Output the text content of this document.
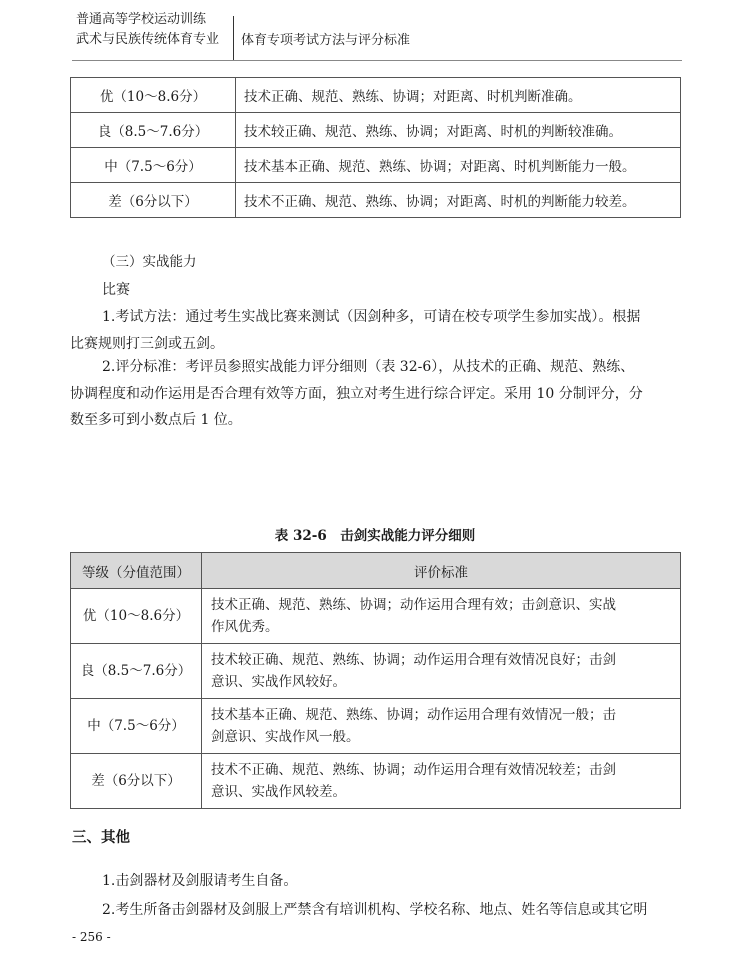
普通高等学校运动训练
武术与民族传统体育专业	体育专项考试方法与评分标准
优（10～8.6分）	技术正确、规范、熟练、协调；对距离、时机判断准确。
良（8.5～7.6分）	技术较正确、规范、熟练、协调；对距离、时机的判断较准确。
中（7.5～6分）	技术基本正确、规范、熟练、协调；对距离、时机判断能力一般。
差（6分以下）	技术不正确、规范、熟练、协调；对距离、时机的判断能力较差。
（三）实战能力
比赛
1.考试方法：通过考生实战比赛来测试（因剑种多，可请在校专项学生参加实战）。根据
比赛规则打三剑或五剑。
2.评分标准：考评员参照实战能力评分细则（表 32-6），从技术的正确、规范、熟练、
协调程度和动作运用是否合理有效等方面，独立对考生进行综合评定。采用 10 分制评分，分
数至多可到小数点后 1 位。
表 32-6　击剑实战能力评分细则
等级（分值范围）	评价标准
优（10～8.6分）	技术正确、规范、熟练、协调；动作运用合理有效；击剑意识、实战
作风优秀。

良（8.5～7.6分）	技术较正确、规范、熟练、协调；动作运用合理有效情况良好；击剑
意识、实战作风较好。

中（7.5～6分）	技术基本正确、规范、熟练、协调；动作运用合理有效情况一般；击
剑意识、实战作风一般。

差（6分以下）	技术不正确、规范、熟练、协调；动作运用合理有效情况较差；击剑
意识、实战作风较差。
三、其他
1.击剑器材及剑服请考生自备。
2.考生所备击剑器材及剑服上严禁含有培训机构、学校名称、地点、姓名等信息或其它明
- 256 -
